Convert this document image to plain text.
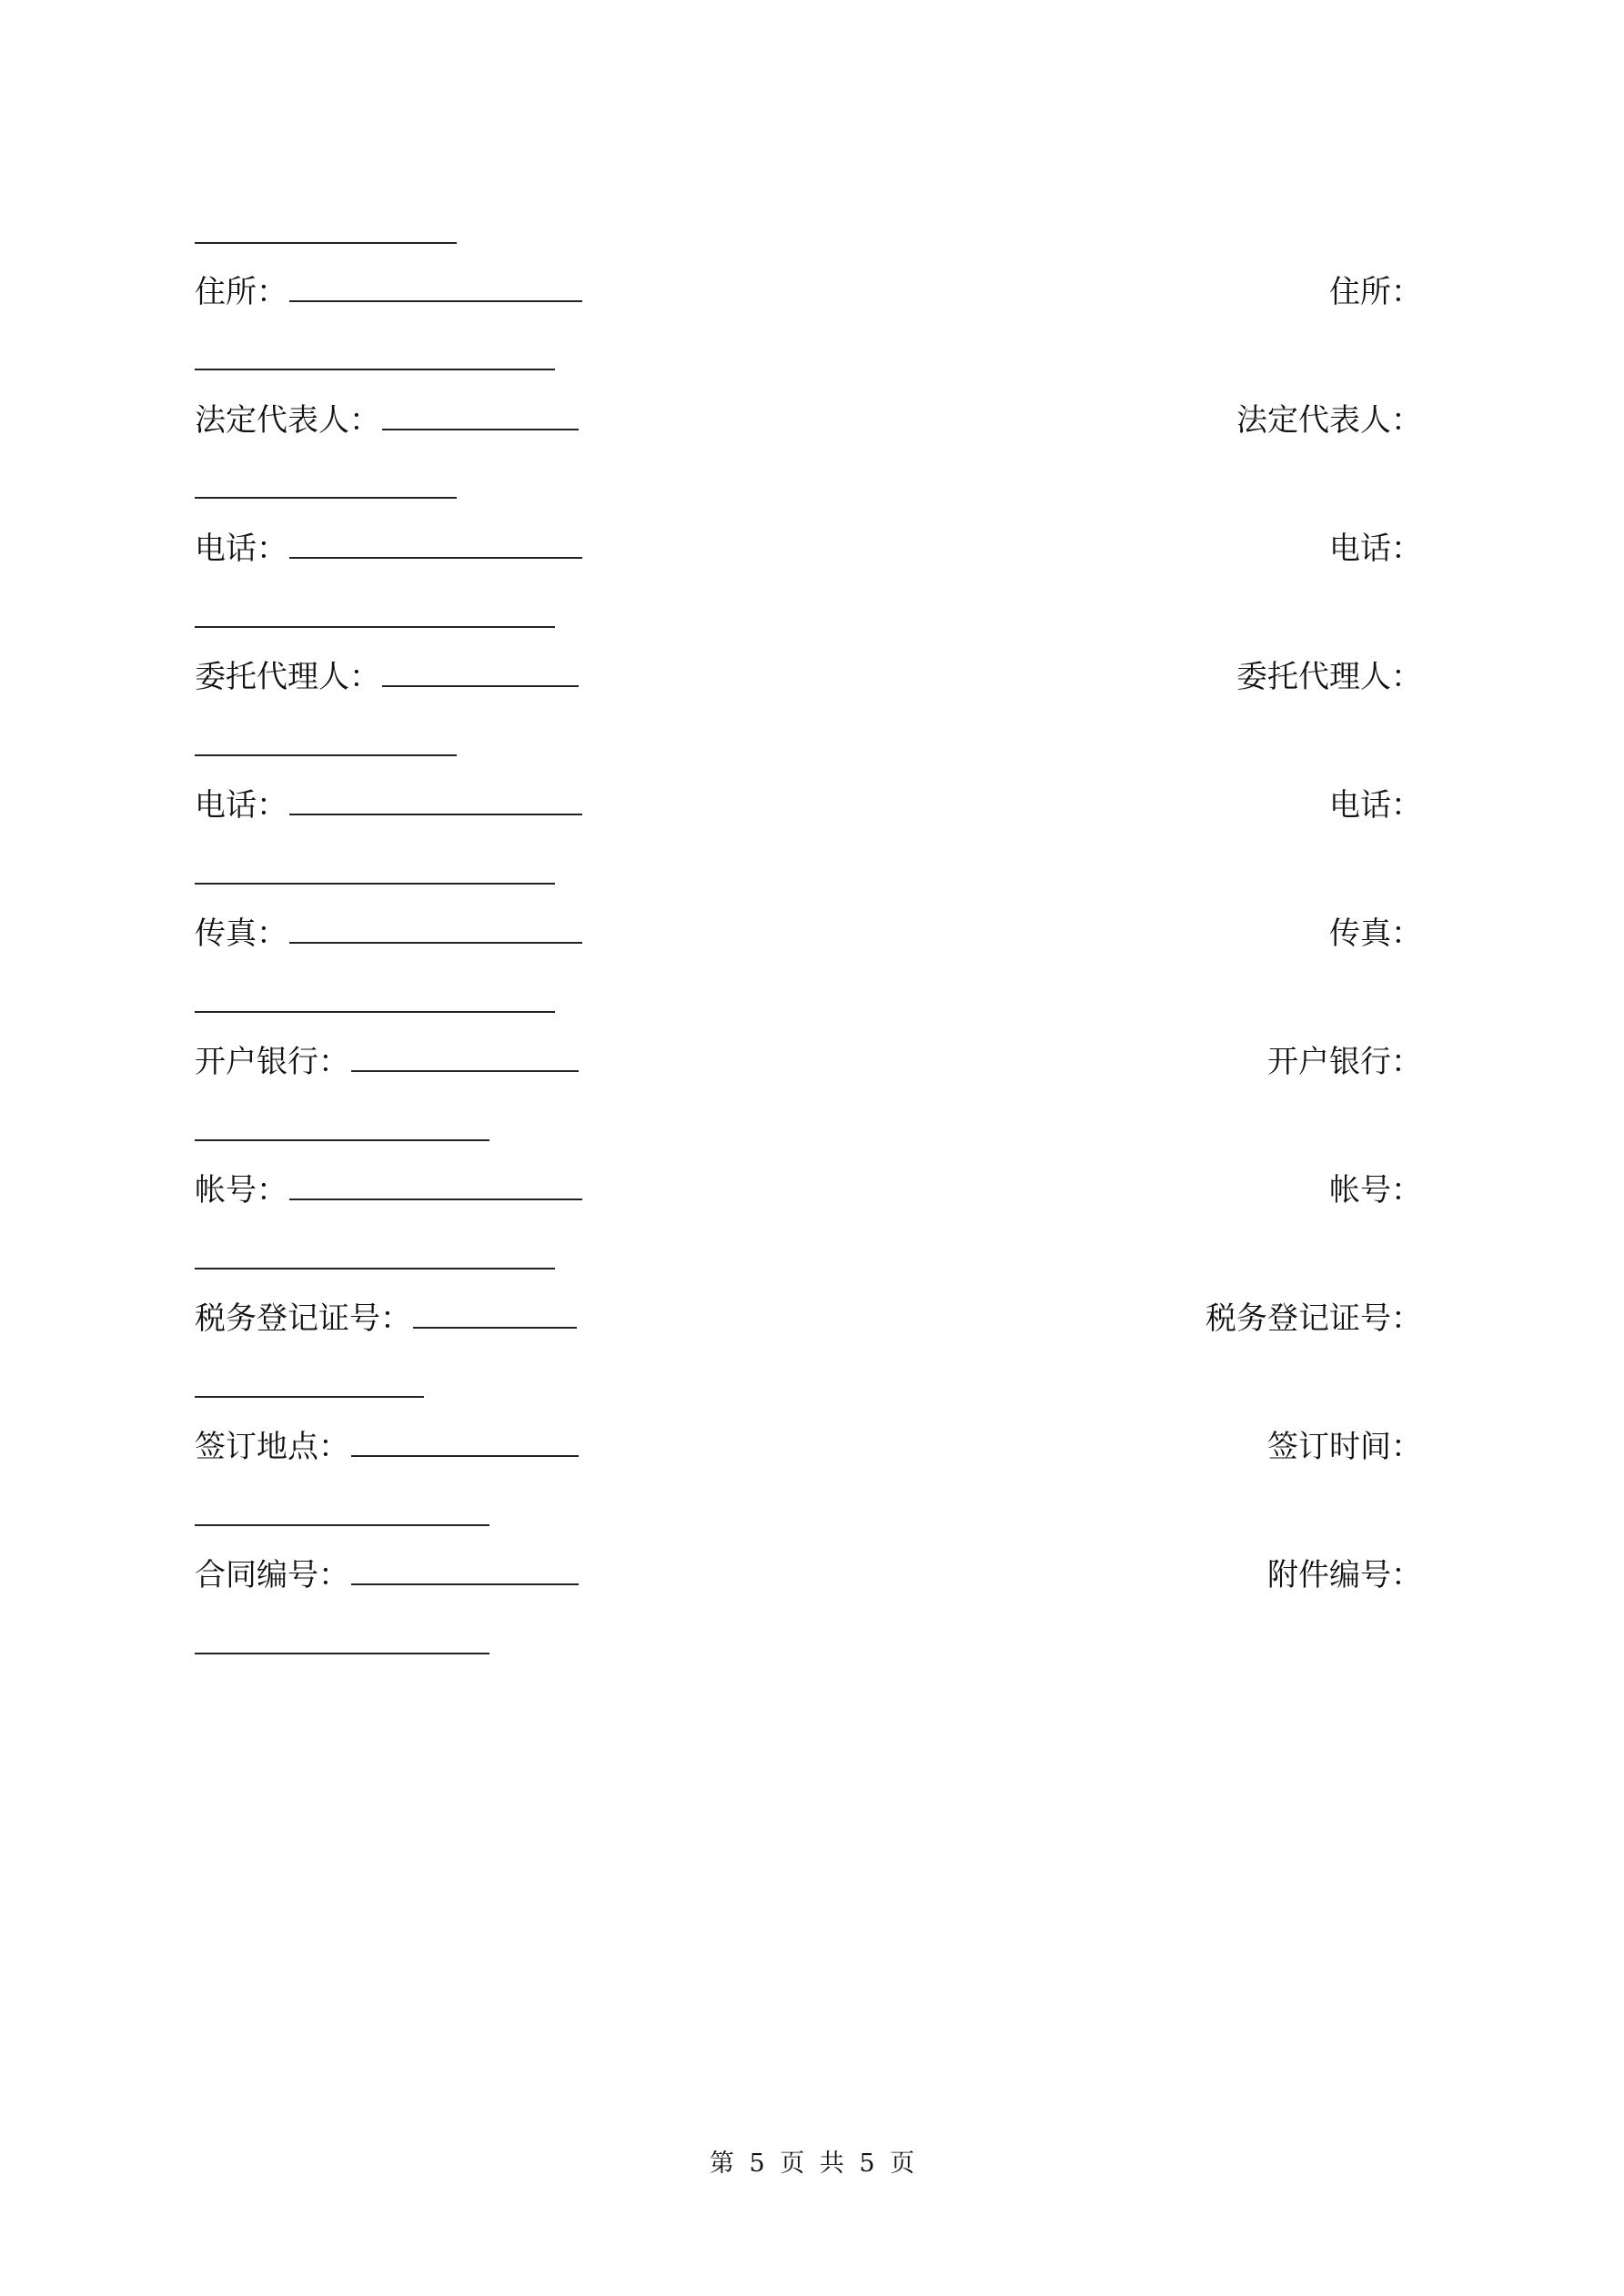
住所：	住所：
法定代表人：	法定代表人：
电话：	电话：
委托代理人：	委托代理人：
电话：	电话：
传真：	传真：
开户银行：	开户银行：
帐号：	帐号：
税务登记证号：	税务登记证号：
签订地点：	签订时间：
合同编号：	附件编号：
第 5 页 共 5 页
